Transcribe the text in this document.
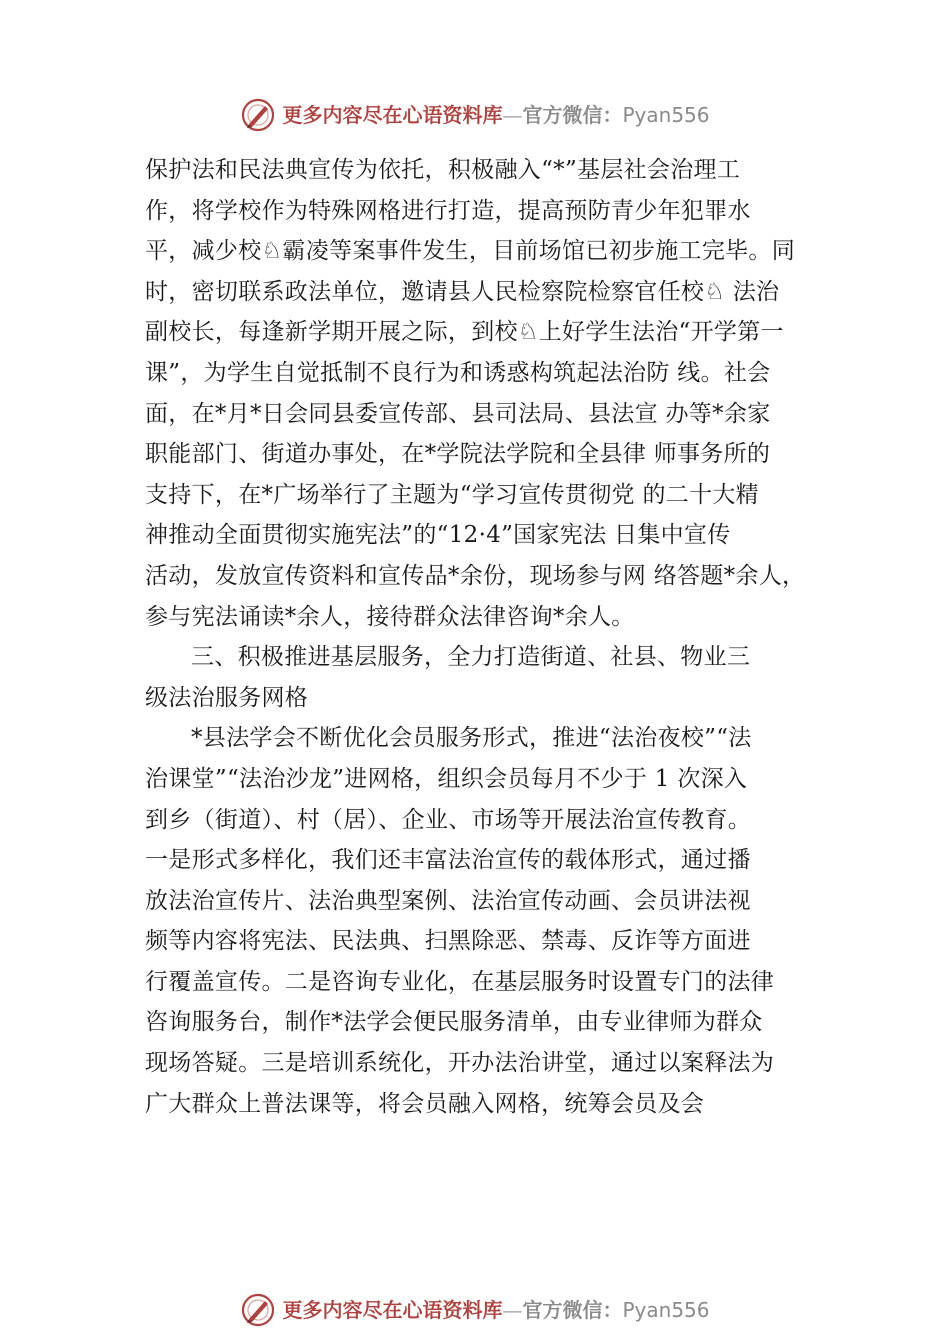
更多内容尽在心语资料库—官方微信：Pyan556
保护法和民法典宣传为依托，积极融入“*”基层社会治理工
作，将学校作为特殊网格进行打造，提高预防青少年犯罪水
平，减少校♘霸凌等案事件发生，目前场馆已初步施工完毕。同
时，密切联系政法单位，邀请县人民检察院检察官任校♘ 法治
副校长，每逢新学期开展之际，到校♘上好学生法治“开学第一
课”，为学生自觉抵制不良行为和诱惑构筑起法治防 线。社会
面，在*月*日会同县委宣传部、县司法局、县法宣 办等*余家
职能部门、街道办事处，在*学院法学院和全县律 师事务所的
支持下，在*广场举行了主题为“学习宣传贯彻党 的二十大精
神推动全面贯彻实施宪法”的“12·4”国家宪法 日集中宣传
活动，发放宣传资料和宣传品*余份，现场参与网 络答题*余人，
参与宪法诵读*余人，接待群众法律咨询*余人。
三、积极推进基层服务，全力打造街道、社县、物业三
级法治服务网格
*县法学会不断优化会员服务形式，推进“法治夜校”“法
治课堂”“法治沙龙”进网格，组织会员每月不少于 1 次深入
到乡（街道）、村（居）、企业、市场等开展法治宣传教育。
一是形式多样化，我们还丰富法治宣传的载体形式，通过播
放法治宣传片、法治典型案例、法治宣传动画、会员讲法视
频等内容将宪法、民法典、扫黑除恶、禁毒、反诈等方面进
行覆盖宣传。二是咨询专业化，在基层服务时设置专门的法律
咨询服务台，制作*法学会便民服务清单，由专业律师为群众
现场答疑。三是培训系统化，开办法治讲堂，通过以案释法为
广大群众上普法课等，将会员融入网格，统筹会员及会
更多内容尽在心语资料库—官方微信：Pyan556
